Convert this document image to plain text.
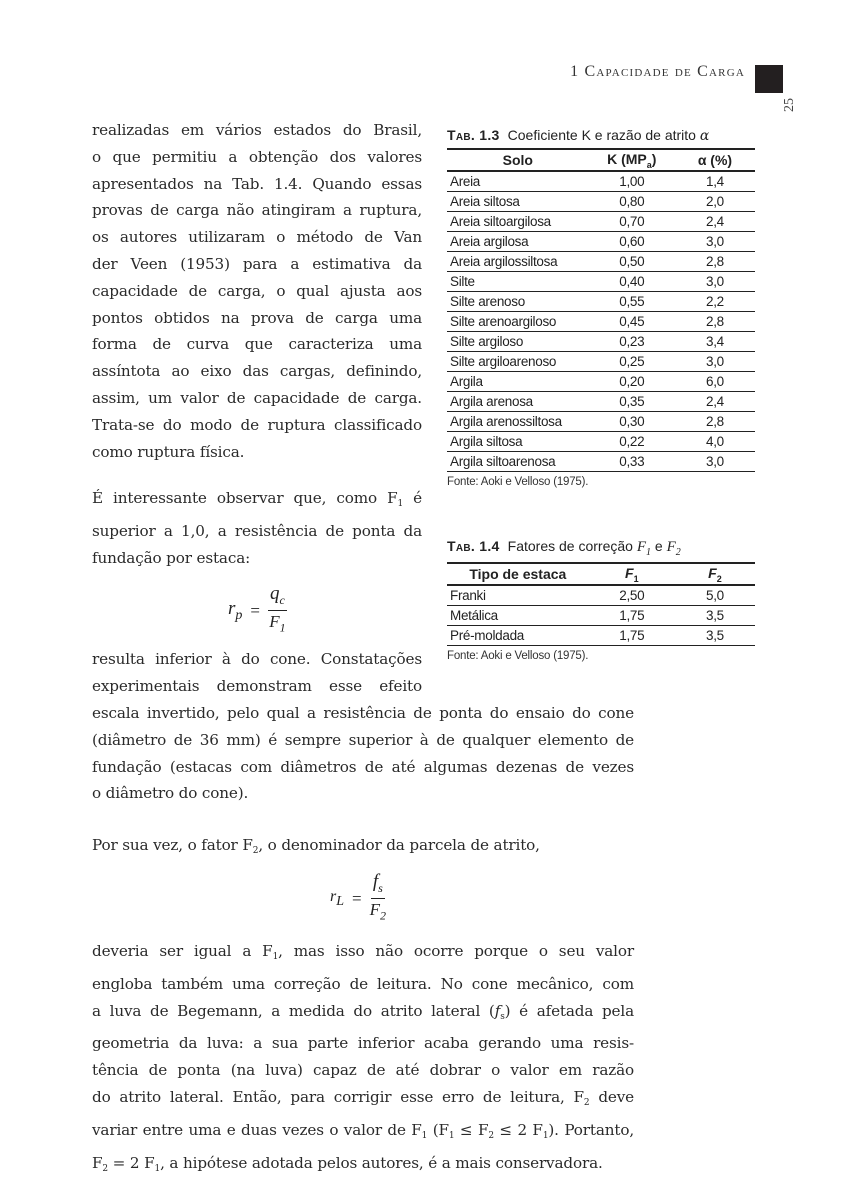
1 Capacidade de Carga
25
realizadas em vários estados do Brasil,
o que permitiu a obtenção dos valores
apresentados na Tab. 1.4. Quando essas
provas de carga não atingiram a ruptura,
os autores utilizaram o método de Van
der Veen (1953) para a estimativa da
capacidade de carga, o qual ajusta aos
pontos obtidos na prova de carga uma
forma de curva que caracteriza uma
assíntota ao eixo das cargas, definindo,
assim, um valor de capacidade de carga.
Trata-se do modo de ruptura classificado
como ruptura física.
É interessante observar que, como $F_1$ é
superior a 1,0, a resistência de ponta da
fundação por estaca:
$r_p = \frac{q_c}{F_1}$
resulta inferior à do cone. Constatações
experimentais demonstram esse efeito
escala invertido, pelo qual a resistência de ponta do ensaio do cone
(diâmetro de 36 mm) é sempre superior à de qualquer elemento de
fundação (estacas com diâmetros de até algumas dezenas de vezes
o diâmetro do cone).
Por sua vez, o fator $F_2$, o denominador da parcela de atrito,
$r_L = \frac{f_s}{F_2}$
deveria ser igual a $F_1$, mas isso não ocorre porque o seu valor
engloba também uma correção de leitura. No cone mecânico, com
a luva de Begemann, a medida do atrito lateral $(f_s)$ é afetada pela
geometria da luva: a sua parte inferior acaba gerando uma resis-
tência de ponta (na luva) capaz de até dobrar o valor em razão
do atrito lateral. Então, para corrigir esse erro de leitura, $F_2$ deve
variar entre uma e duas vezes o valor de $F_1$ ($F_1 \le F_2 \le 2$ $F_1$). Portanto,
$F_2 = 2$ $F_1$, a hipótese adotada pelos autores, é a mais conservadora.
Tab. 1.3 Coeficiente K e razão de atrito α
Solo	K $(MP_a)$	α (%)
Areia	1,00	1,4
Areia siltosa	0,80	2,0
Areia siltoargilosa	0,70	2,4
Areia argilosa	0,60	3,0
Areia argilossiltosa	0,50	2,8
Silte	0,40	3,0
Silte arenoso	0,55	2,2
Silte arenoargiloso	0,45	2,8
Silte argiloso	0,23	3,4
Silte argiloarenoso	0,25	3,0
Argila	0,20	6,0
Argila arenosa	0,35	2,4
Argila arenossiltosa	0,30	2,8
Argila siltosa	0,22	4,0
Argila siltoarenosa	0,33	3,0
Fonte: Aoki e Velloso (1975).
Tab. 1.4 Fatores de correção $F_1$ e $F_2$
Tipo de estaca	$F_1$	$F_2$
Franki	2,50	5,0
Metálica	1,75	3,5
Pré-moldada	1,75	3,5
Fonte: Aoki e Velloso (1975).
